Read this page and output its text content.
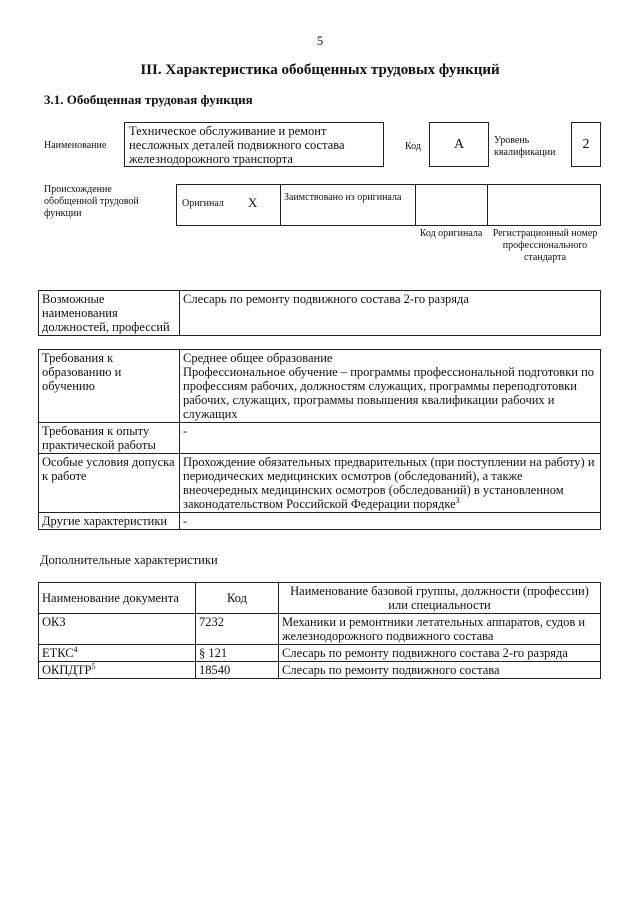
5
III. Характеристика обобщенных трудовых функций
3.1. Обобщенная трудовая функция
Наименование
Техническое обслуживание и ремонт несложных деталей подвижного состава железнодорожного транспорта
Код	А	Уровень квалификации
2
Происхождение обобщенной трудовой функции
Оригинал X	Заимствовано из оригинала
Код оригинала Регистрационный номер профессионального стандарта
Возможные наименования должностей, профессий	Слесарь по ремонту подвижного состава 2-го разряда
Требования к образованию и обучению	Среднее общее образование
Профессиональное обучение – программы профессиональной подготовки по профессиям рабочих, должностям служащих, программы переподготовки рабочих, служащих, программы повышения квалификации рабочих и служащих

Требования к опыту практической работы	-
Особые условия допуска к работе	Прохождение обязательных предварительных (при поступлении на работу) и периодических медицинских осмотров (обследований), а также внеочередных медицинских осмотров (обследований) в установленном законодательством Российской Федерации порядке$^3$
Другие характеристики	-
Дополнительные характеристики
Наименование документа	Код	Наименование базовой группы, должности (профессии) или специальности
ОКЗ	7232	Механики и ремонтники летательных аппаратов, судов и железнодорожного подвижного состава
ЕТКС$^4$	§ 121	Слесарь по ремонту подвижного состава 2-го разряда
ОКПДТР$^5$	18540	Слесарь по ремонту подвижного состава
